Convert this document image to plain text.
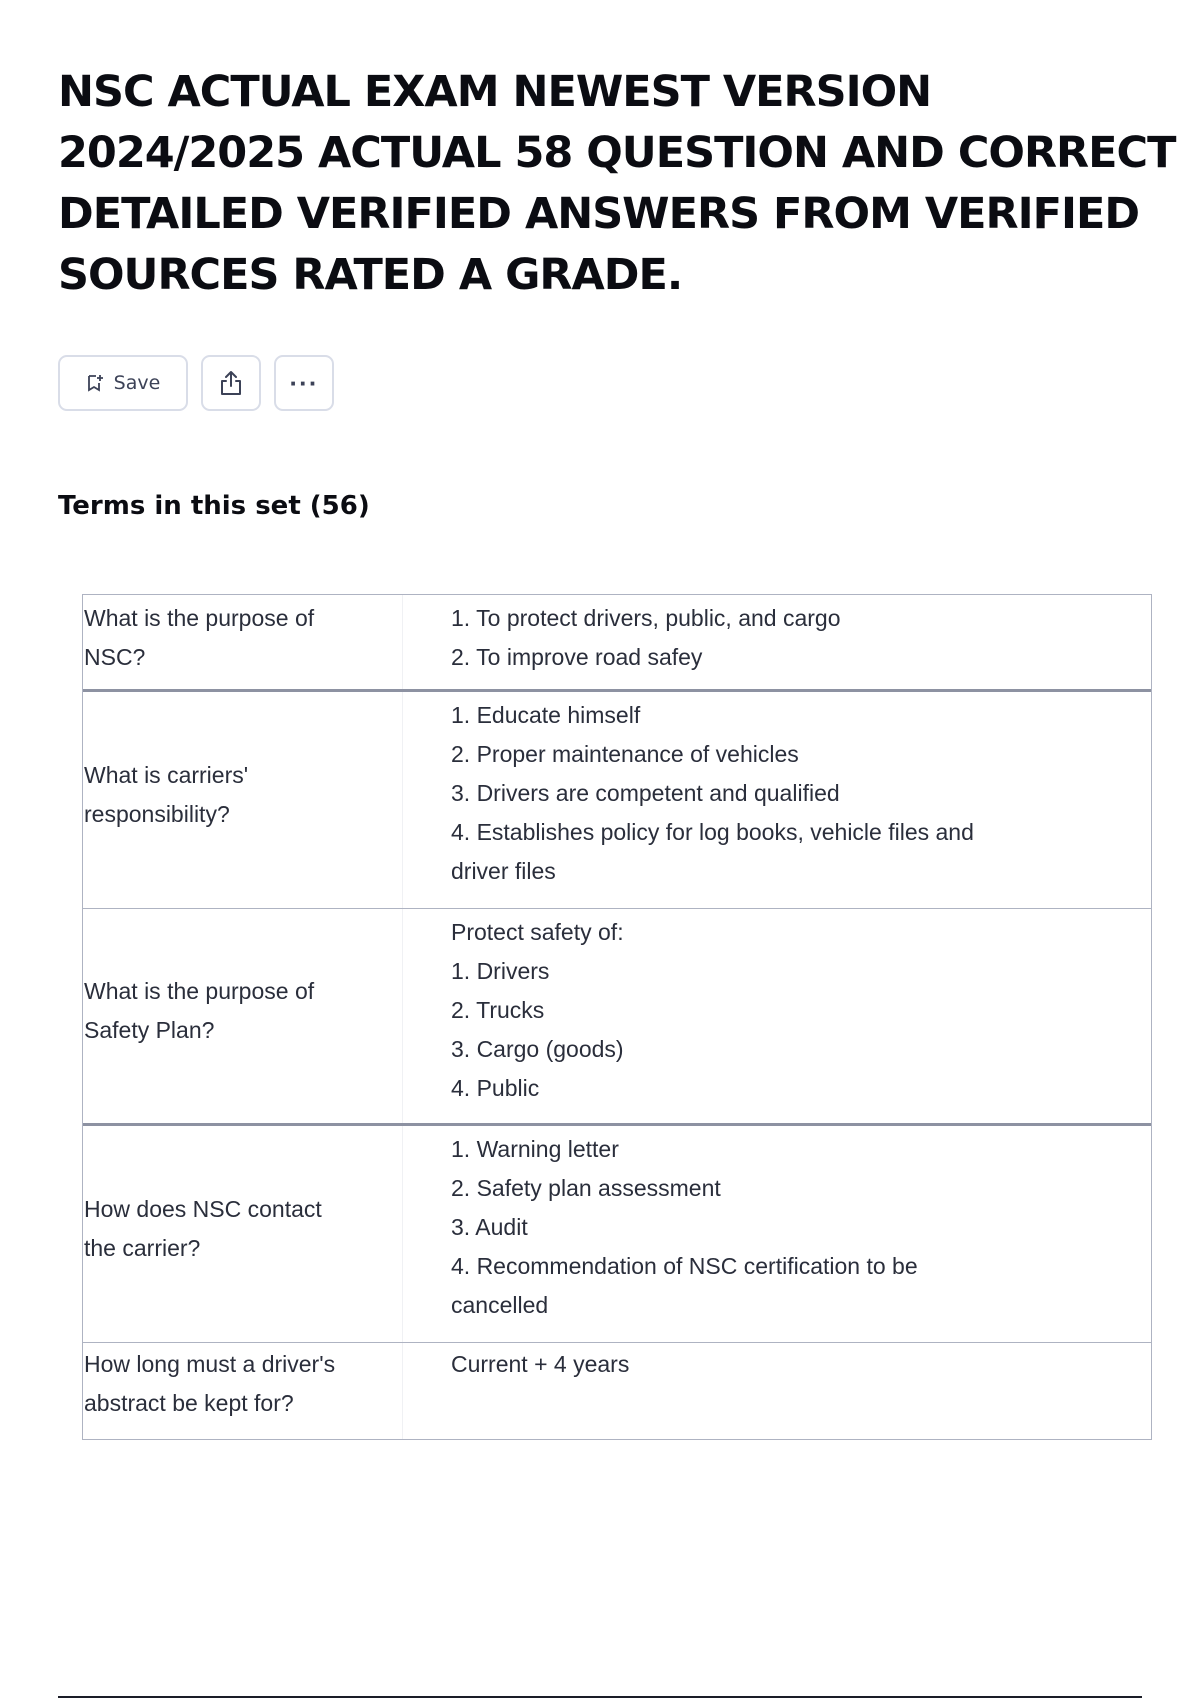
NSC ACTUAL EXAM NEWEST VERSION 2024/2025 ACTUAL 58 QUESTION AND CORRECT DETAILED VERIFIED ANSWERS FROM VERIFIED SOURCES RATED A GRADE.
Save	···
Terms in this set (56)
What is the purpose of
NSC?
1. To protect drivers, public, and cargo
2. To improve road safey
What is carriers'
responsibility?
1. Educate himself
2. Proper maintenance of vehicles
3. Drivers are competent and qualified
4. Establishes policy for log books, vehicle files and
driver files
What is the purpose of
Safety Plan?
Protect safety of:
1. Drivers
2. Trucks
3. Cargo (goods)
4. Public
How does NSC contact
the carrier?
1. Warning letter
2. Safety plan assessment
3. Audit
4. Recommendation of NSC certification to be
cancelled
How long must a driver's
abstract be kept for?
Current + 4 years
